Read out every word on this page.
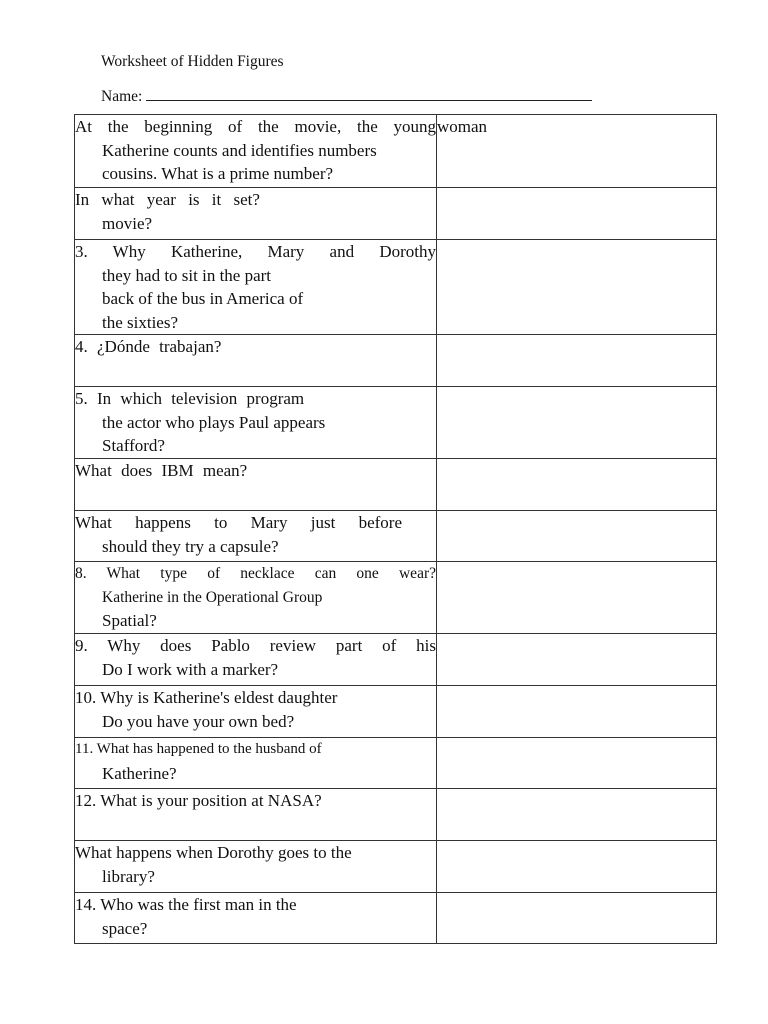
Worksheet of Hidden Figures
Name:
At the beginning of the movie, the young
Katherine counts and identifies numbers
cousins. What is a prime number?	woman

In what year is it set?
movie?	

3. Why Katherine, Mary and Dorothy
they had to sit in the part
back of the bus in America of
the sixties?	

4. ¿Dónde trabajan?	

5. In which television program
the actor who plays Paul appears
Stafford?	

What does IBM mean?	

What happens to Mary just before
should they try a capsule?	

8. What type of necklace can one wear?
Katherine in the Operational Group
Spatial?	

9. Why does Pablo review part of his
Do I work with a marker?	

10. Why is Katherine's eldest daughter
Do you have your own bed?	

11. What has happened to the husband of
Katherine?	

12. What is your position at NASA?	

What happens when Dorothy goes to the
library?	

14. Who was the first man in the
space?	
